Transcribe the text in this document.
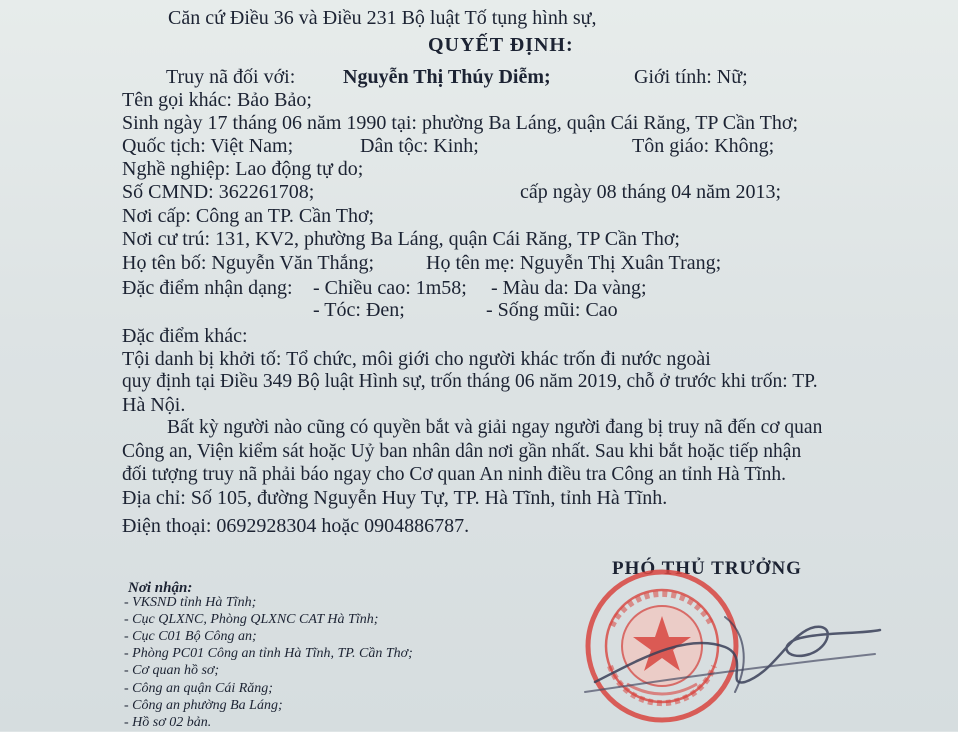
Căn cứ Điều 36 và Điều 231 Bộ luật Tố tụng hình sự,
QUYẾT ĐỊNH:
Truy nã đối với: Nguyễn Thị Thúy Diễm;	Giới tính: Nữ;
Tên gọi khác: Bảo Bảo;
Sinh ngày 17 tháng 06 năm 1990 tại: phường Ba Láng, quận Cái Răng, TP Cần Thơ;
Quốc tịch: Việt Nam;	Dân tộc: Kinh;	Tôn giáo: Không;
Nghề nghiệp: Lao động tự do;
Số CMND: 362261708;	cấp ngày 08 tháng 04 năm 2013;
Nơi cấp: Công an TP. Cần Thơ;
Nơi cư trú: 131, KV2, phường Ba Láng, quận Cái Răng, TP Cần Thơ;
Họ tên bố: Nguyễn Văn Thắng;	Họ tên mẹ: Nguyễn Thị Xuân Trang;
Đặc điểm nhận dạng: - Chiều cao: 1m58; - Màu da: Da vàng;
- Tóc: Đen;	- Sống mũi: Cao
Đặc điểm khác:
Tội danh bị khởi tố: Tổ chức, môi giới cho người khác trốn đi nước ngoài
quy định tại Điều 349 Bộ luật Hình sự, trốn tháng 06 năm 2019, chỗ ở trước khi trốn: TP.
Hà Nội.
Bất kỳ người nào cũng có quyền bắt và giải ngay người đang bị truy nã đến cơ quan
Công an, Viện kiểm sát hoặc Uỷ ban nhân dân nơi gần nhất. Sau khi bắt hoặc tiếp nhận
đối tượng truy nã phải báo ngay cho Cơ quan An ninh điều tra Công an tỉnh Hà Tĩnh.
Địa chỉ: Số 105, đường Nguyễn Huy Tự, TP. Hà Tĩnh, tỉnh Hà Tĩnh.
Điện thoại: 0692928304 hoặc 0904886787.
Nơi nhận:
- VKSND tỉnh Hà Tĩnh;
- Cục QLXNC, Phòng QLXNC CAT Hà Tĩnh;
- Cục C01 Bộ Công an;
- Phòng PC01 Công an tỉnh Hà Tĩnh, TP. Cần Thơ;
- Cơ quan hồ sơ;
- Công an quận Cái Răng;
- Công an phường Ba Láng;
- Hồ sơ 02 bản.
PHÓ THỦ TRƯỞNG
